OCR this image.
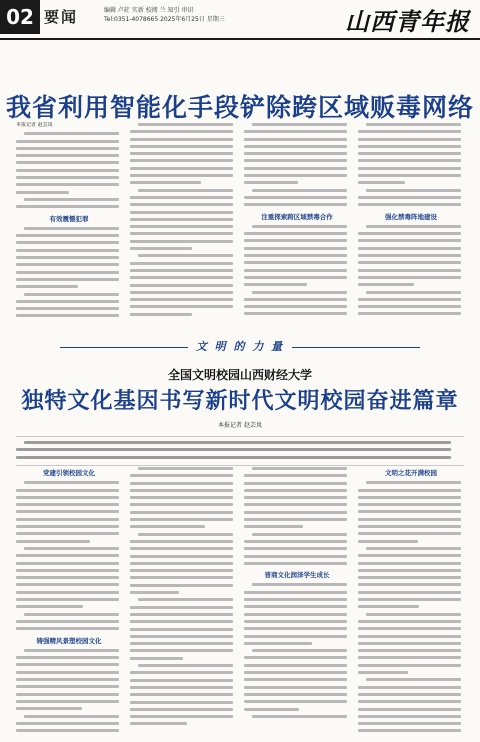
02 要闻	编辑 卢荭 实新 校阅 兰 知引 审识
Tel:0351-4078665 2025年6月25日 星期三	山西青年报
我省利用智能化手段铲除跨区域贩毒网络
本报记者 赵芸岚
有效震慑犯罪	注重探索跨区域禁毒合作	强化禁毒阵地建设
文 明 的 力 量
全国文明校园山西财经大学
独特文化基因书写新时代文明校园奋进篇章
本报记者 赵芸岚
党建引领校园文化
铸强精风景塑校园文化
晋商文化润泽学生成长
文明之花开满校园
